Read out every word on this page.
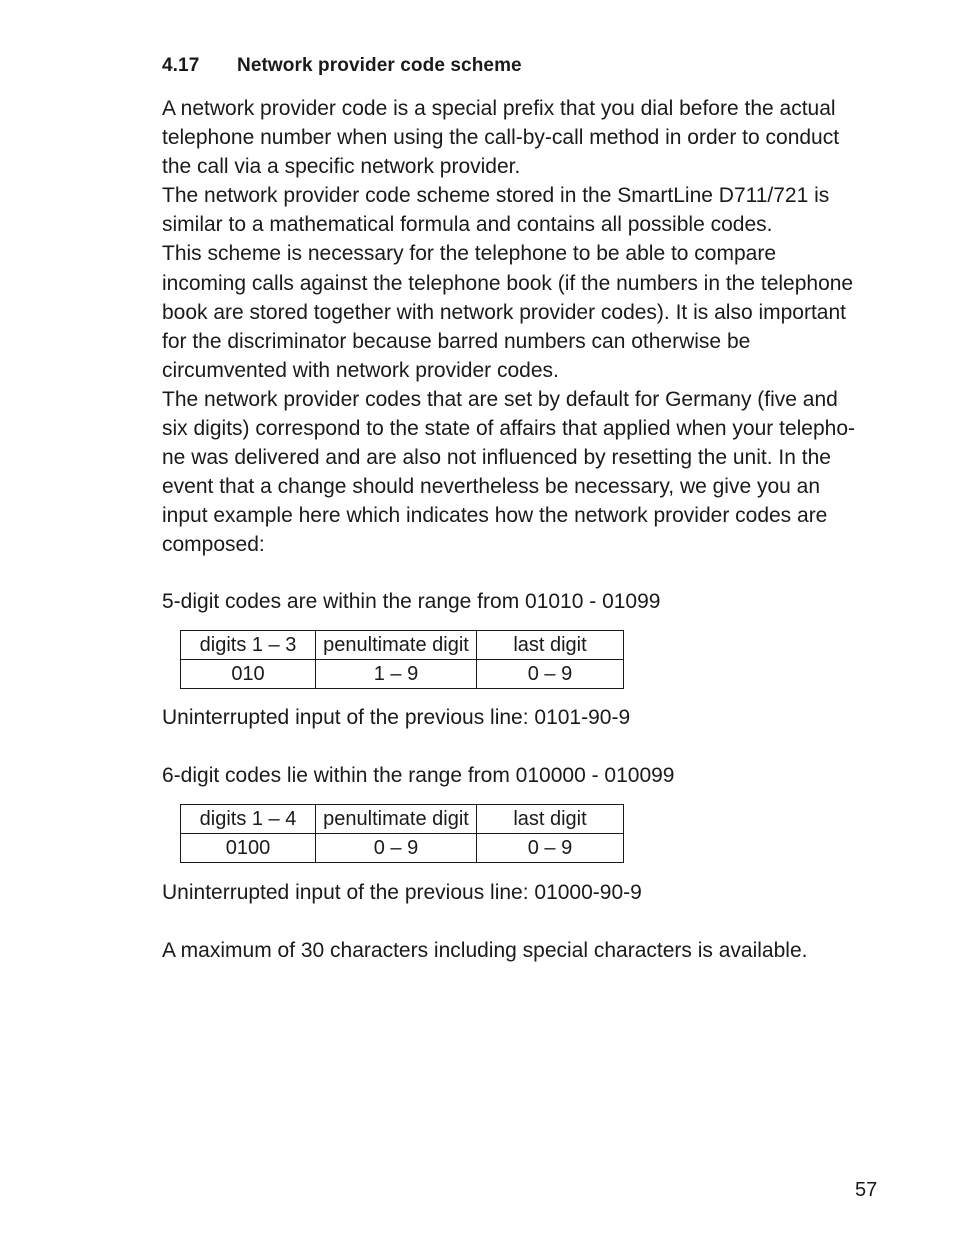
4.17 Network provider code scheme

A network provider code is a special prefix that you dial before the actual telephone number when using the call-by-call method in order to conduct the call via a specific network provider.

The network provider code scheme stored in the SmartLine D711/721 is similar to a mathematical formula and contains all possible codes.

This scheme is necessary for the telephone to be able to compare incoming calls against the telephone book (if the numbers in the telephone book are stored together with network provider codes). It is also important for the discriminator because barred numbers can otherwise be circumvented with network provider codes.

The network provider codes that are set by default for Germany (five and six digits) correspond to the state of affairs that applied when your telephone was delivered and are also not influenced by resetting the unit. In the event that a change should nevertheless be necessary, we give you an input example here which indicates how the network provider codes are composed:

5-digit codes are within the range from 01010 - 01099
digits 1 – 3	penultimate digit	last digit
010	1 – 9	0 – 9
Uninterrupted input of the previous line: 0101-90-9
6-digit codes lie within the range from 010000 - 010099
digits 1 – 4	penultimate digit	last digit
0100	0 – 9	0 – 9
Uninterrupted input of the previous line: 01000-90-9
A maximum of 30 characters including special characters is available.
57
